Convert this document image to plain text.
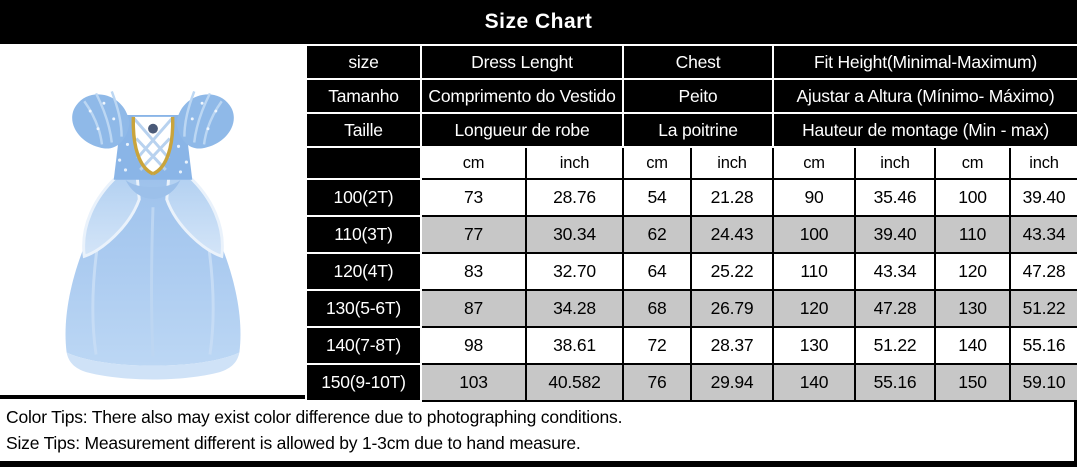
Size Chart
size	Dress Lenght		Chest		Fit Height(Minimal-Maximum)			
Tamanho	Comprimento do Vestido		Peito		Ajustar a Altura (Mínimo- Máximo)			
Taille	Longueur de robe		La poitrine		Hauteur de montage (Min - max)			
	cm	inch	cm	inch	cm	inch	cm	inch
100(2T)	73	28.76	54	21.28	90	35.46	100	39.40
110(3T)	77	30.34	62	24.43	100	39.40	110	43.34
120(4T)	83	32.70	64	25.22	110	43.34	120	47.28
130(5-6T)	87	34.28	68	26.79	120	47.28	130	51.22
140(7-8T)	98	38.61	72	28.37	130	51.22	140	55.16
150(9-10T)	103	40.582	76	29.94	140	55.16	150	59.10

Color Tips: There also may exist color difference due to photographing conditions.

Size Tips: Measurement different is allowed by 1-3cm due to hand measure.
